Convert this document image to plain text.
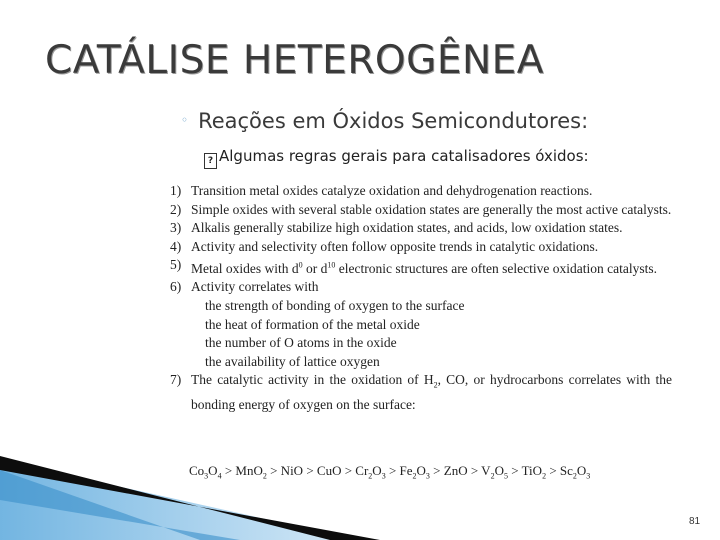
CATÁLISE HETEROGÊNEA
◦ Reações em Óxidos Semicondutores:
? Algumas regras gerais para catalisadores óxidos:
1) Transition metal oxides catalyze oxidation and dehydrogenation reactions.
2) Simple oxides with several stable oxidation states are generally the most active catalysts.
3) Alkalis generally stabilize high oxidation states, and acids, low oxidation states.
4) Activity and selectivity often follow opposite trends in catalytic oxidations.
5) Metal oxides with $d^0$ or $d^{10}$ electronic structures are often selective oxidation catalysts.
6) Activity correlates with
the strength of bonding of oxygen to the surface
the heat of formation of the metal oxide
the number of O atoms in the oxide
the availability of lattice oxygen
7) The catalytic activity in the oxidation of $H_2$, CO, or hydrocarbons correlates with the bonding energy of oxygen on the surface:
$Co_3O_4 > MnO_2$ > NiO > CuO > $Cr_2O_3 > Fe_2O_3$ > ZnO > $V_2O_5 > TiO_2 > Sc_2O_3$
81
